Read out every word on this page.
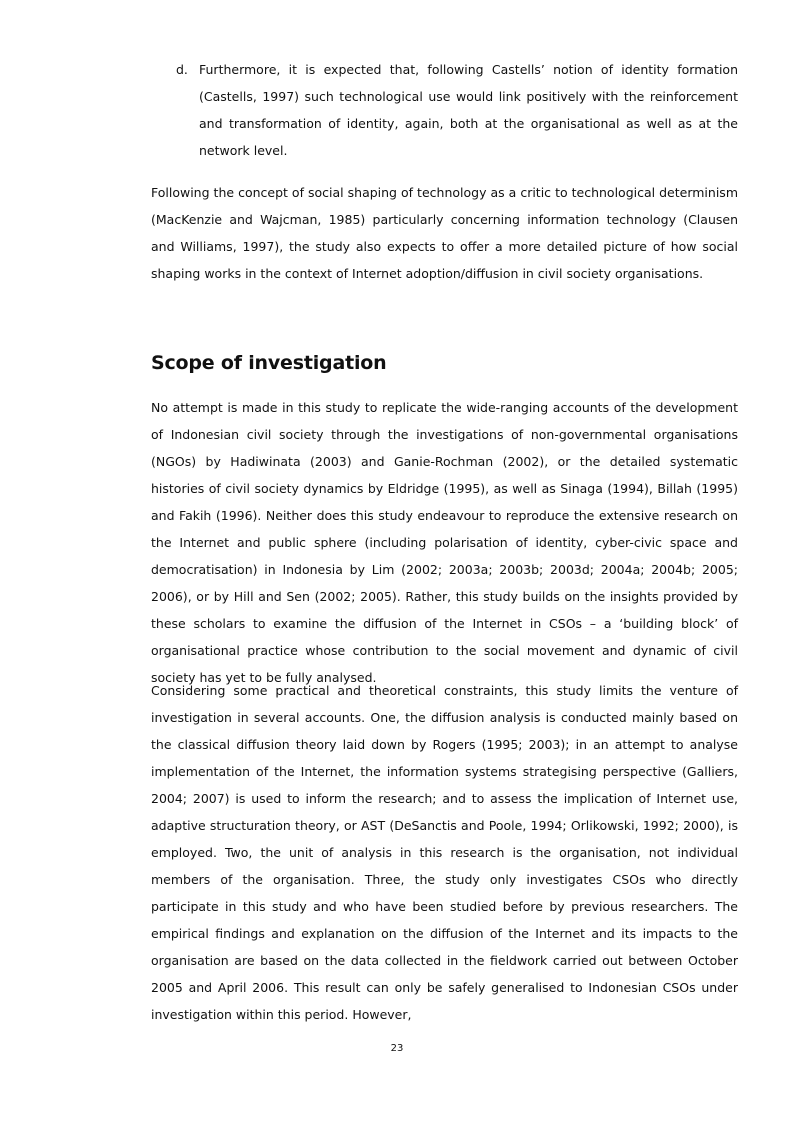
d. Furthermore, it is expected that, following Castells’ notion of identity formation (Castells, 1997) such technological use would link positively with the reinforcement and transformation of identity, again, both at the organisational as well as at the network level.

Following the concept of social shaping of technology as a critic to technological determinism (MacKenzie and Wajcman, 1985) particularly concerning information technology (Clausen and Williams, 1997), the study also expects to offer a more detailed picture of how social shaping works in the context of Internet adoption/diffusion in civil society organisations.

Scope of investigation

No attempt is made in this study to replicate the wide-ranging accounts of the development of Indonesian civil society through the investigations of non-governmental organisations (NGOs) by Hadiwinata (2003) and Ganie-Rochman (2002), or the detailed systematic histories of civil society dynamics by Eldridge (1995), as well as Sinaga (1994), Billah (1995) and Fakih (1996). Neither does this study endeavour to reproduce the extensive research on the Internet and public sphere (including polarisation of identity, cyber-civic space and democratisation) in Indonesia by Lim (2002; 2003a; 2003b; 2003d; 2004a; 2004b; 2005; 2006), or by Hill and Sen (2002; 2005). Rather, this study builds on the insights provided by these scholars to examine the diffusion of the Internet in CSOs – a ‘building block’ of organisational practice whose contribution to the social movement and dynamic of civil society has yet to be fully analysed.

Considering some practical and theoretical constraints, this study limits the venture of investigation in several accounts. One, the diffusion analysis is conducted mainly based on the classical diffusion theory laid down by Rogers (1995; 2003); in an attempt to analyse implementation of the Internet, the information systems strategising perspective (Galliers, 2004; 2007) is used to inform the research; and to assess the implication of Internet use, adaptive structuration theory, or AST (DeSanctis and Poole, 1994; Orlikowski, 1992; 2000), is employed. Two, the unit of analysis in this research is the organisation, not individual members of the organisation. Three, the study only investigates CSOs who directly participate in this study and who have been studied before by previous researchers. The empirical findings and explanation on the diffusion of the Internet and its impacts to the organisation are based on the data collected in the fieldwork carried out between October 2005 and April 2006. This result can only be safely generalised to Indonesian CSOs under investigation within this period. However,

23
